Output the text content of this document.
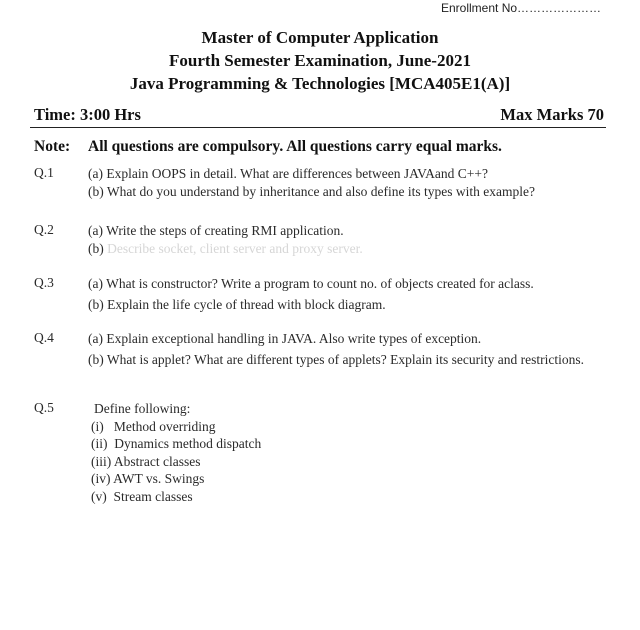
Enrollment No…………………
Master of Computer Application
Fourth Semester Examination, June-2021
Java Programming & Technologies [MCA405E1(A)]
Time: 3:00 Hrs	Max Marks 70
Note: All questions are compulsory. All questions carry equal marks.
Q.1	(a) Explain OOPS in detail. What are differences between JAVAand C++?
(b) What do you understand by inheritance and also define its types with example?
Q.2	(a) Write the steps of creating RMI application.
(b) Describe socket, client server and proxy server.
Q.3	(a) What is constructor? Write a program to count no. of objects created for aclass.
(b) Explain the life cycle of thread with block diagram.
Q.4	(a) Explain exceptional handling in JAVA. Also write types of exception.
(b) What is applet? What are different types of applets? Explain its security and restrictions.
Q.5	Define following:
(i)   Method overriding
(ii)  Dynamics method dispatch
(iii) Abstract classes
(iv) AWT vs. Swings
(v)  Stream classes
